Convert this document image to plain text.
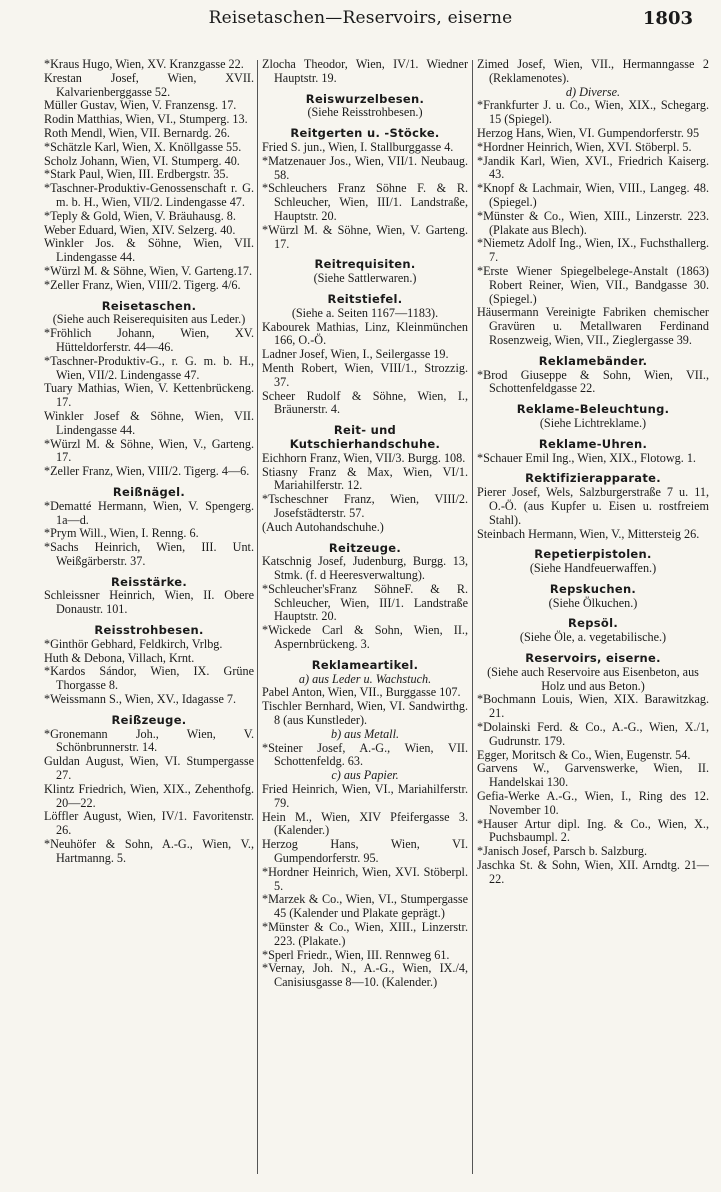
Reisetaschen—Reservoirs, eiserne	1803
*Kraus Hugo, Wien, XV. Kranzgasse 22.
Krestan Josef, Wien, XVII. Kalvarienberggasse 52.
Müller Gustav, Wien, V. Franzensg. 17.
Rodin Matthias, Wien, VI., Stumperg. 13.
Roth Mendl, Wien, VII. Bernardg. 26.
*Schätzle Karl, Wien, X. Knöllgasse 55.
Scholz Johann, Wien, VI. Stumperg. 40.
*Stark Paul, Wien, III. Erdbergstr. 35.
*Taschner-Produktiv-Genossenschaft r. G. m. b. H., Wien, VII/2. Lindengasse 47.
*Teply & Gold, Wien, V. Bräuhausg. 8.
Weber Eduard, Wien, XIV. Selzerg. 40.
Winkler Jos. & Söhne, Wien, VII. Lindengasse 44.
*Würzl M. & Söhne, Wien, V. Garteng.17.
*Zeller Franz, Wien, VIII/2. Tigerg. 4/6.
Reisetaschen.
(Siehe auch Reiserequisiten aus Leder.)
*Fröhlich Johann, Wien, XV. Hütteldorferstr. 44—46.
*Taschner-Produktiv-G., r. G. m. b. H., Wien, VII/2. Lindengasse 47.
Tuary Mathias, Wien, V. Kettenbrückeng. 17.
Winkler Josef & Söhne, Wien, VII. Lindengasse 44.
*Würzl M. & Söhne, Wien, V., Garteng. 17.
*Zeller Franz, Wien, VIII/2. Tigerg. 4—6.
Reißnägel.
*Dematté Hermann, Wien, V. Spengerg. 1a—d.
*Prym Will., Wien, I. Renng. 6.
*Sachs Heinrich, Wien, III. Unt. Weißgärberstr. 37.
Reisstärke.
Schleissner Heinrich, Wien, II. Obere Donaustr. 101.
Reisstrohbesen.
*Ginthör Gebhard, Feldkirch, Vrlbg.
Huth & Debona, Villach, Krnt.
*Kardos Sándor, Wien, IX. Grüne Thorgasse 8.
*Weissmann S., Wien, XV., Idagasse 7.
Reißzeuge.
*Gronemann Joh., Wien, V. Schönbrunnerstr. 14.
Guldan August, Wien, VI. Stumpergasse 27.
Klintz Friedrich, Wien, XIX., Zehenthofg. 20—22.
Löffler August, Wien, IV/1. Favoritenstr. 26.
*Neuhöfer & Sohn, A.-G., Wien, V., Hartmanng. 5.
Zlocha Theodor, Wien, IV/1. Wiedner Hauptstr. 19.
Reiswurzelbesen.
(Siehe Reisstrohbesen.)
Reitgerten u. -Stöcke.
Fried S. jun., Wien, I. Stallburggasse 4.
*Matzenauer Jos., Wien, VII/1. Neubaug. 58.
*Schleuchers Franz Söhne F. & R. Schleucher, Wien, III/1. Landstraße, Hauptstr. 20.
*Würzl M. & Söhne, Wien, V. Garteng. 17.
Reitrequisiten.
(Siehe Sattlerwaren.)
Reitstiefel.
(Siehe a. Seiten 1167—1183).
Kabourek Mathias, Linz, Kleinmünchen 166, O.-Ö.
Ladner Josef, Wien, I., Seilergasse 19.
Menth Robert, Wien, VIII/1., Strozzig. 37.
Scheer Rudolf & Söhne, Wien, I., Bräunerstr. 4.
Reit- und Kutschierhandschuhe.
Eichhorn Franz, Wien, VII/3. Burgg. 108.
Stiasny Franz & Max, Wien, VI/1. Mariahilferstr. 12.
*Tscheschner Franz, Wien, VIII/2. Josefstädterstr. 57.
(Auch Autohandschuhe.)
Reitzeuge.
Katschnig Josef, Judenburg, Burgg. 13, Stmk. (f. d Heeresverwaltung).
*Schleucher'sFranz SöhneF. & R. Schleucher, Wien, III/1. Landstraße Hauptstr. 20.
*Wickede Carl & Sohn, Wien, II., Aspernbrückeng. 3.
Reklameartikel.
a) aus Leder u. Wachstuch.
Pabel Anton, Wien, VII., Burggasse 107.
Tischler Bernhard, Wien, VI. Sandwirthg. 8 (aus Kunstleder).
b) aus Metall.
*Steiner Josef, A.-G., Wien, VII. Schottenfeldg. 63.
c) aus Papier.
Fried Heinrich, Wien, VI., Mariahilferstr. 79.
Hein M., Wien, XIV Pfeifergasse 3. (Kalender.)
Herzog Hans, Wien, VI. Gumpendorferstr. 95.
*Hordner Heinrich, Wien, XVI. Stöberpl. 5.
*Marzek & Co., Wien, VI., Stumpergasse 45 (Kalender und Plakate geprägt.)
*Münster & Co., Wien, XIII., Linzerstr. 223. (Plakate.)
*Sperl Friedr., Wien, III. Rennweg 61.
*Vernay, Joh. N., A.-G., Wien, IX./4, Canisiusgasse 8—10. (Kalender.)
Zimed Josef, Wien, VII., Hermanngasse 2 (Reklamenotes).
d) Diverse.
*Frankfurter J. u. Co., Wien, XIX., Schegarg. 15 (Spiegel).
Herzog Hans, Wien, VI. Gumpendorferstr. 95
*Hordner Heinrich, Wien, XVI. Stöberpl. 5.
*Jandik Karl, Wien, XVI., Friedrich Kaiserg. 43.
*Knopf & Lachmair, Wien, VIII., Langeg. 48. (Spiegel.)
*Münster & Co., Wien, XIII., Linzerstr. 223. (Plakate aus Blech).
*Niemetz Adolf Ing., Wien, IX., Fuchsthallerg. 7.
*Erste Wiener Spiegelbelege-Anstalt (1863) Robert Reiner, Wien, VII., Bandgasse 30. (Spiegel.)
Häusermann Vereinigte Fabriken chemischer Gravüren u. Metallwaren Ferdinand Rosenzweig, Wien, VII., Zieglergasse 39.
Reklamebänder.
*Brod Giuseppe & Sohn, Wien, VII., Schottenfeldgasse 22.
Reklame-Beleuchtung.
(Siehe Lichtreklame.)
Reklame-Uhren.
*Schauer Emil Ing., Wien, XIX., Flotowg. 1.
Rektifizierapparate.
Pierer Josef, Wels, Salzburgerstraße 7 u. 11, O.-Ö. (aus Kupfer u. Eisen u. rostfreiem Stahl).
Steinbach Hermann, Wien, V., Mittersteig 26.
Repetierpistolen.
(Siehe Handfeuerwaffen.)
Repskuchen.
(Siehe Ölkuchen.)
Repsöl.
(Siehe Öle, a. vegetabilische.)
Reservoirs, eiserne.
(Siehe auch Reservoire aus Eisenbeton, aus Holz und aus Beton.)
*Bochmann Louis, Wien, XIX. Barawitzkag. 21.
*Dolainski Ferd. & Co., A.-G., Wien, X./1, Gudrunstr. 179.
Egger, Moritsch & Co., Wien, Eugenstr. 54.
Garvens W., Garvenswerke, Wien, II. Handelskai 130.
Gefia-Werke A.-G., Wien, I., Ring des 12. November 10.
*Hauser Artur dipl. Ing. & Co., Wien, X., Puchsbaumpl. 2.
*Janisch Josef, Parsch b. Salzburg.
Jaschka St. & Sohn, Wien, XII. Arndtg. 21—22.
